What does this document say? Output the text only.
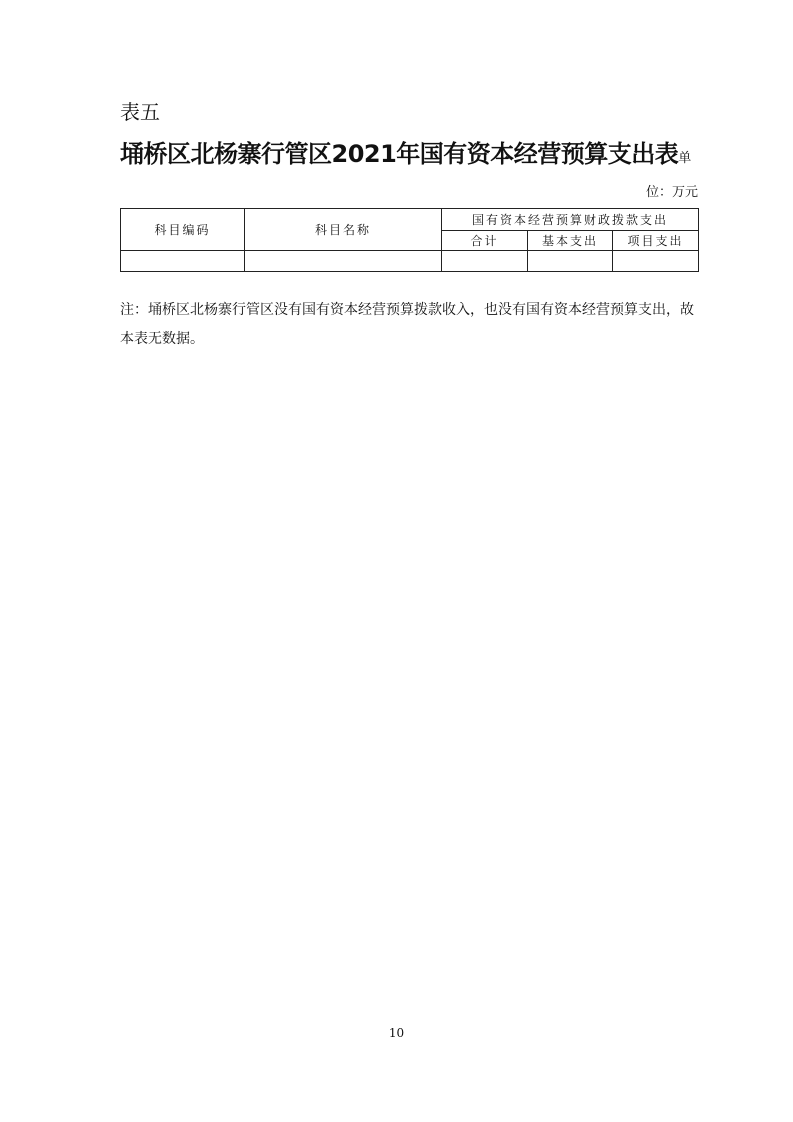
表五
埇桥区北杨寨行管区2021年国有资本经营预算支出表单
位：万元
科目编码	科目名称	国有资本经营预算财政拨款支出		
		合计	基本支出	项目支出

注：埇桥区北杨寨行管区没有国有资本经营预算拨款收入，也没有国有资本经营预算支出，故本表无数据。
10
